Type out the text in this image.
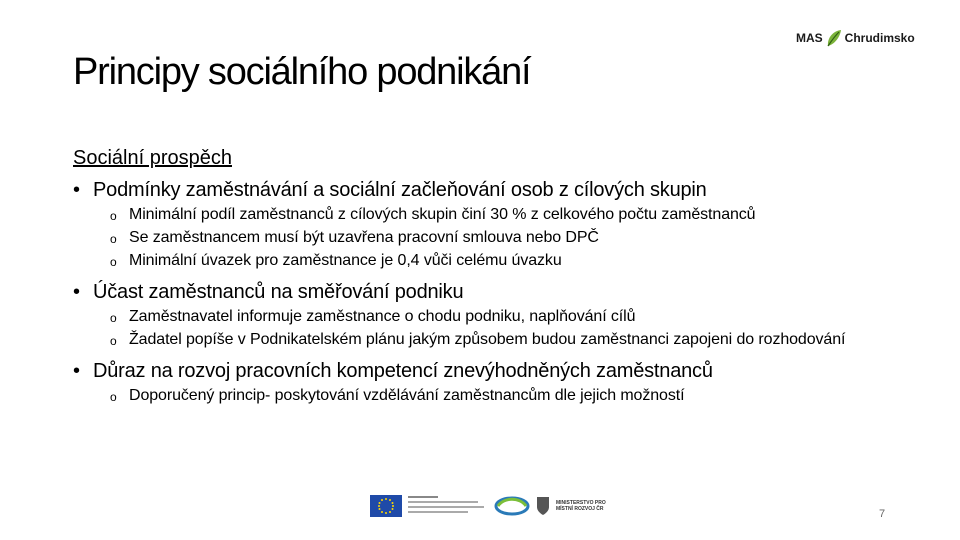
Principy sociálního podnikání
MAS Chrudimsko
Sociální prospěch
• Podmínky zaměstnávání a sociální začleňování osob z cílových skupin
o Minimální podíl zaměstnanců z cílových skupin činí 30 % z celkového počtu zaměstnanců
o Se zaměstnancem musí být uzavřena pracovní smlouva nebo DPČ
o Minimální úvazek pro zaměstnance je 0,4 vůči celému úvazku
• Účast zaměstnanců na směřování podniku
o Zaměstnavatel informuje zaměstnance o chodu podniku, naplňování cílů
o Žadatel popíše v Podnikatelském plánu jakým způsobem budou zaměstnanci zapojeni do rozhodování
• Důraz na rozvoj pracovních kompetencí znevýhodněných zaměstnanců
o Doporučený princip- poskytování vzdělávání zaměstnancům dle jejich možností
MINISTERSTVO PRO MÍSTNÍ ROZVOJ ČR	7
